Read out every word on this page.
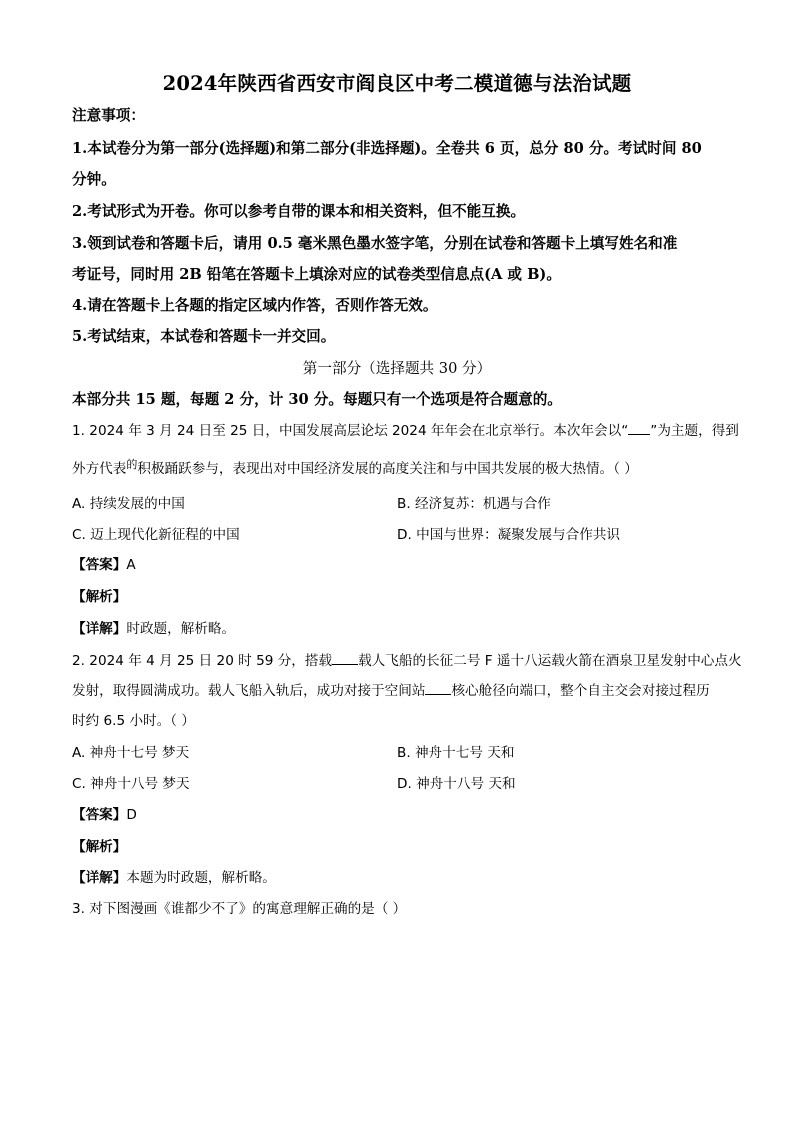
2024年陕西省西安市阎良区中考二模道德与法治试题
注意事项：
1.本试卷分为第一部分(选择题)和第二部分(非选择题)。全卷共 6 页，总分 80 分。考试时间 80
分钟。
2.考试形式为开卷。你可以参考自带的课本和相关资料，但不能互换。
3.领到试卷和答题卡后，请用 0.5 毫米黑色墨水签字笔，分别在试卷和答题卡上填写姓名和准
考证号，同时用 2B 铅笔在答题卡上填涂对应的试卷类型信息点(A 或 B)。
4.请在答题卡上各题的指定区域内作答，否则作答无效。
5.考试结束，本试卷和答题卡一并交回。
第一部分（选择题共 30 分）
本部分共 15 题，每题 2 分，计 30 分。每题只有一个选项是符合题意的。
1. 2024 年 3 月 24 日至 25 日，中国发展高层论坛 2024 年年会在北京举行。本次年会以“ ”为主题，得到
外方代表$^的$积极踊跃参与，表现出对中国经济发展的高度关注和与中国共发展的极大热情。（ ）
A. 持续发展的中国	B. 经济复苏：机遇与合作
C. 迈上现代化新征程的中国	D. 中国与世界：凝聚发展与合作共识
【答案】A
【解析】
【详解】时政题，解析略。
2. 2024 年 4 月 25 日 20 时 59 分，搭载 载人飞船的长征二号 F 遥十八运载火箭在酒泉卫星发射中心点火
发射，取得圆满成功。载人飞船入轨后，成功对接于空间站 核心舱径向端口，整个自主交会对接过程历
时约 6.5 小时。（ ）
A. 神舟十七号 梦天	B. 神舟十七号 天和
C. 神舟十八号 梦天	D. 神舟十八号 天和
【答案】D
【解析】
【详解】本题为时政题，解析略。
3. 对下图漫画《谁都少不了》的寓意理解正确的是（ ）
